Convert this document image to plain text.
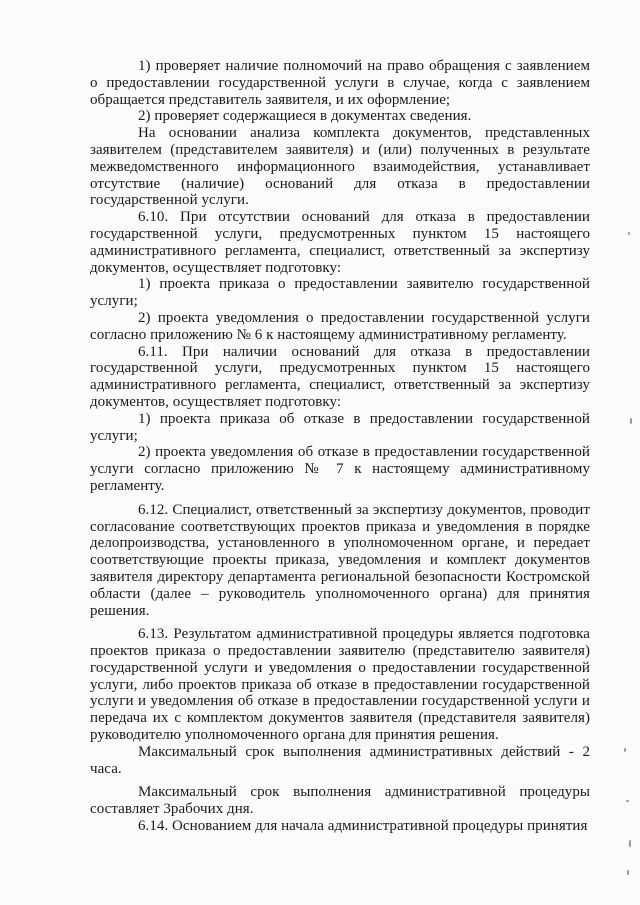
1) проверяет наличие полномочий на право обращения с заявлением о предоставлении государственной услуги в случае, когда с заявлением обращается представитель заявителя, и их оформление;

2) проверяет содержащиеся в документах сведения.

На основании анализа комплекта документов, представленных заявителем (представителем заявителя) и (или) полученных в результате межведомственного информационного взаимодействия, устанавливает отсутствие (наличие) оснований для отказа в предоставлении государственной услуги.

6.10. При отсутствии оснований для отказа в предоставлении государственной услуги, предусмотренных пунктом 15 настоящего административного регламента, специалист, ответственный за экспертизу документов, осуществляет подготовку:

1) проекта приказа о предоставлении заявителю государственной услуги;

2) проекта уведомления о предоставлении государственной услуги согласно приложению № 6 к настоящему административному регламенту.

6.11. При наличии оснований для отказа в предоставлении государственной услуги, предусмотренных пунктом 15 настоящего административного регламента, специалист, ответственный за экспертизу документов, осуществляет подготовку:

1) проекта приказа об отказе в предоставлении государственной услуги;

2) проекта уведомления об отказе в предоставлении государственной услуги согласно приложению № 7 к настоящему административному регламенту.

6.12. Специалист, ответственный за экспертизу документов, проводит согласование соответствующих проектов приказа и уведомления в порядке делопроизводства, установленного в уполномоченном органе, и передает соответствующие проекты приказа, уведомления и комплект документов заявителя директору департамента региональной безопасности Костромской области (далее – руководитель уполномоченного органа) для принятия решения.

6.13. Результатом административной процедуры является подготовка проектов приказа о предоставлении заявителю (представителю заявителя) государственной услуги и уведомления о предоставлении государственной услуги, либо проектов приказа об отказе в предоставлении государственной услуги и уведомления об отказе в предоставлении государственной услуги и передача их с комплектом документов заявителя (представителя заявителя) руководителю уполномоченного органа для принятия решения.

Максимальный срок выполнения административных действий - 2 часа.

Максимальный срок выполнения административной процедуры составляет 3рабочих дня.

6.14. Основанием для начала административной процедуры принятия
